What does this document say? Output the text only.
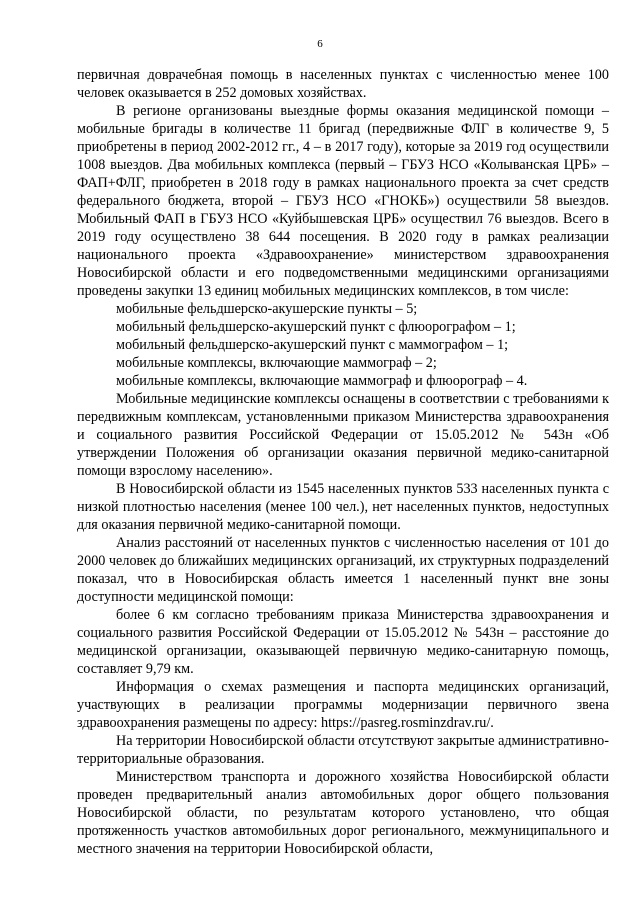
6

первичная доврачебная помощь в населенных пунктах с численностью менее 100 человек оказывается в 252 домовых хозяйствах.

В регионе организованы выездные формы оказания медицинской помощи – мобильные бригады в количестве 11 бригад (передвижные ФЛГ в количестве 9, 5 приобретены в период 2002-2012 гг., 4 – в 2017 году), которые за 2019 год осуществили 1008 выездов. Два мобильных комплекса (первый – ГБУЗ НСО «Колыванская ЦРБ» – ФАП+ФЛГ, приобретен в 2018 году в рамках национального проекта за счет средств федерального бюджета, второй – ГБУЗ НСО «ГНОКБ») осуществили 58 выездов. Мобильный ФАП в ГБУЗ НСО «Куйбышевская ЦРБ» осуществил 76 выездов. Всего в 2019 году осуществлено 38 644 посещения. В 2020 году в рамках реализации национального проекта «Здравоохранение» министерством здравоохранения Новосибирской области и его подведомственными медицинскими организациями проведены закупки 13 единиц мобильных медицинских комплексов, в том числе:

мобильные фельдшерско-акушерские пункты – 5;

мобильный фельдшерско-акушерский пункт с флюорографом – 1;

мобильный фельдшерско-акушерский пункт с маммографом – 1;

мобильные комплексы, включающие маммограф – 2;

мобильные комплексы, включающие маммограф и флюорограф – 4.

Мобильные медицинские комплексы оснащены в соответствии с требованиями к передвижным комплексам, установленными приказом Министерства здравоохранения и социального развития Российской Федерации от 15.05.2012 № 543н «Об утверждении Положения об организации оказания первичной медико-санитарной помощи взрослому населению».

В Новосибирской области из 1545 населенных пунктов 533 населенных пункта с низкой плотностью населения (менее 100 чел.), нет населенных пунктов, недоступных для оказания первичной медико-санитарной помощи.

Анализ расстояний от населенных пунктов с численностью населения от 101 до 2000 человек до ближайших медицинских организаций, их структурных подразделений показал, что в Новосибирская область имеется 1 населенный пункт вне зоны доступности медицинской помощи:

более 6 км согласно требованиям приказа Министерства здравоохранения и социального развития Российской Федерации от 15.05.2012 № 543н – расстояние до медицинской организации, оказывающей первичную медико-санитарную помощь, составляет 9,79 км.

Информация о схемах размещения и паспорта медицинских организаций, участвующих в реализации программы модернизации первичного звена здравоохранения размещены по адресу: https://pasreg.rosminzdrav.ru/.

На территории Новосибирской области отсутствуют закрытые административно-территориальные образования.

Министерством транспорта и дорожного хозяйства Новосибирской области проведен предварительный анализ автомобильных дорог общего пользования Новосибирской области, по результатам которого установлено, что общая протяженность участков автомобильных дорог регионального, межмуниципального и местного значения на территории Новосибирской области,
